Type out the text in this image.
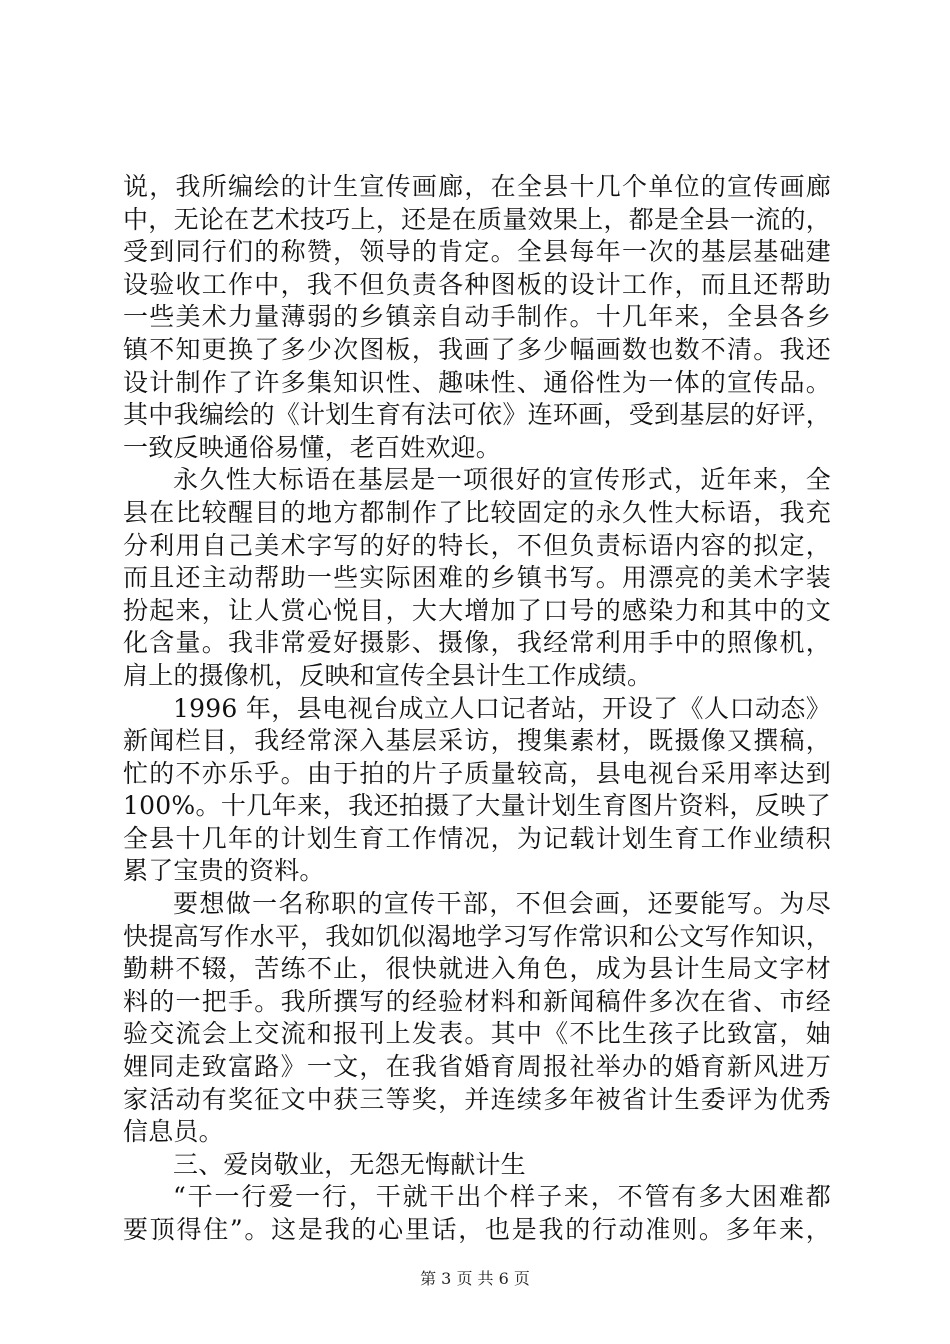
说，我所编绘的计生宣传画廊，在全县十几个单位的宣传画廊
中，无论在艺术技巧上，还是在质量效果上，都是全县一流的，
受到同行们的称赞，领导的肯定。全县每年一次的基层基础建
设验收工作中，我不但负责各种图板的设计工作，而且还帮助
一些美术力量薄弱的乡镇亲自动手制作。十几年来，全县各乡
镇不知更换了多少次图板，我画了多少幅画数也数不清。我还
设计制作了许多集知识性、趣味性、通俗性为一体的宣传品。
其中我编绘的《计划生育有法可依》连环画，受到基层的好评，
一致反映通俗易懂，老百姓欢迎。
永久性大标语在基层是一项很好的宣传形式，近年来，全
县在比较醒目的地方都制作了比较固定的永久性大标语，我充
分利用自己美术字写的好的特长，不但负责标语内容的拟定，
而且还主动帮助一些实际困难的乡镇书写。用漂亮的美术字装
扮起来，让人赏心悦目，大大增加了口号的感染力和其中的文
化含量。我非常爱好摄影、摄像，我经常利用手中的照像机，
肩上的摄像机，反映和宣传全县计生工作成绩。
1996 年，县电视台成立人口记者站，开设了《人口动态》
新闻栏目，我经常深入基层采访，搜集素材，既摄像又撰稿，
忙的不亦乐乎。由于拍的片子质量较高，县电视台采用率达到
100%。十几年来，我还拍摄了大量计划生育图片资料，反映了
全县十几年的计划生育工作情况，为记载计划生育工作业绩积
累了宝贵的资料。
要想做一名称职的宣传干部，不但会画，还要能写。为尽
快提高写作水平，我如饥似渴地学习写作常识和公文写作知识，
勤耕不辍，苦练不止，很快就进入角色，成为县计生局文字材
料的一把手。我所撰写的经验材料和新闻稿件多次在省、市经
验交流会上交流和报刊上发表。其中《不比生孩子比致富，妯
娌同走致富路》一文，在我省婚育周报社举办的婚育新风进万
家活动有奖征文中获三等奖，并连续多年被省计生委评为优秀
信息员。
三、爱岗敬业，无怨无悔献计生
“干一行爱一行，干就干出个样子来，不管有多大困难都
要顶得住”。这是我的心里话，也是我的行动准则。多年来，
第 3 页 共 6 页
